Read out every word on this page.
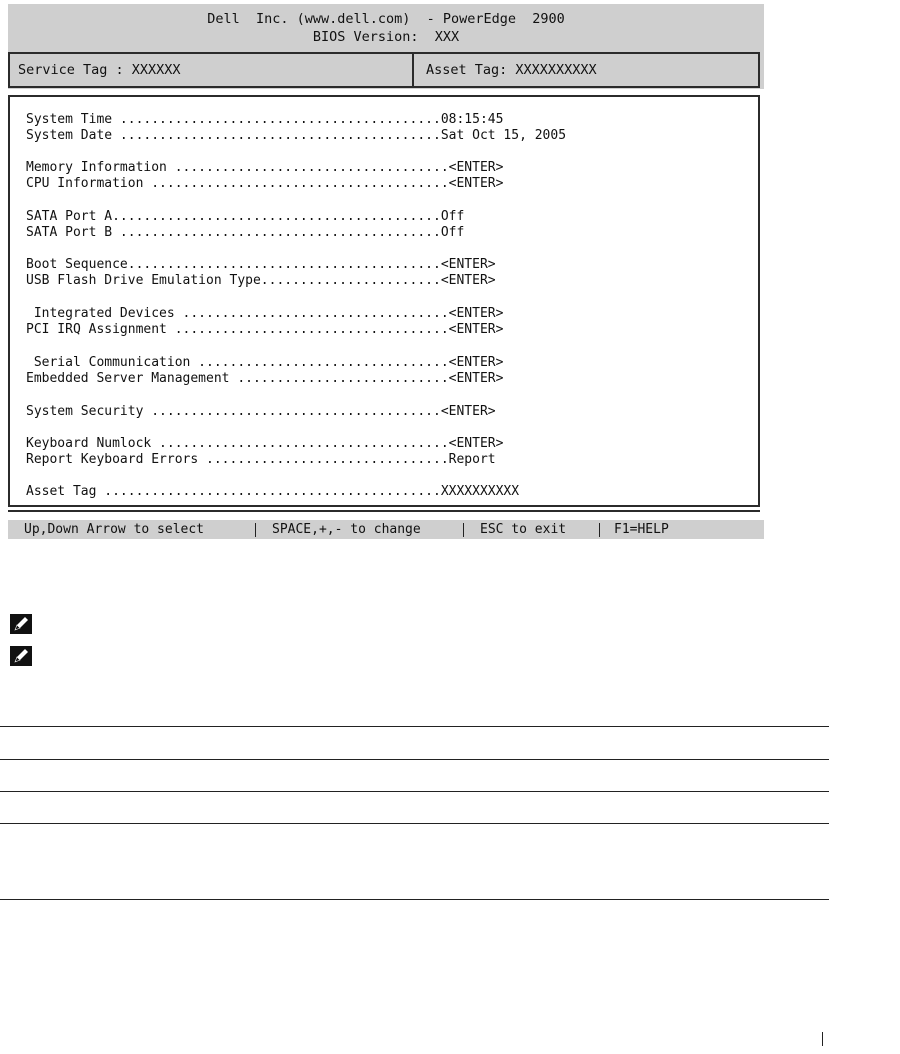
Dell  Inc. (www.dell.com)  - PowerEdge  2900
BIOS Version:  XXX
Service Tag : XXXXXX	Asset Tag: XXXXXXXXXX
System Time .........................................08:15:45
System Date .........................................Sat Oct 15, 2005
Memory Information ...................................<ENTER>
CPU Information ......................................<ENTER>
SATA Port A..........................................Off
SATA Port B .........................................Off
Boot Sequence........................................<ENTER>
USB Flash Drive Emulation Type.......................<ENTER>
Integrated Devices ..................................<ENTER>
PCI IRQ Assignment ...................................<ENTER>
Serial Communication ................................<ENTER>
Embedded Server Management ...........................<ENTER>
System Security .....................................<ENTER>
Keyboard Numlock .....................................<ENTER>
Report Keyboard Errors ...............................Report
Asset Tag ...........................................XXXXXXXXXX

Up,Down Arrow to select

	SPACE,+,- to change

	ESC to exit

	F1=HELP
